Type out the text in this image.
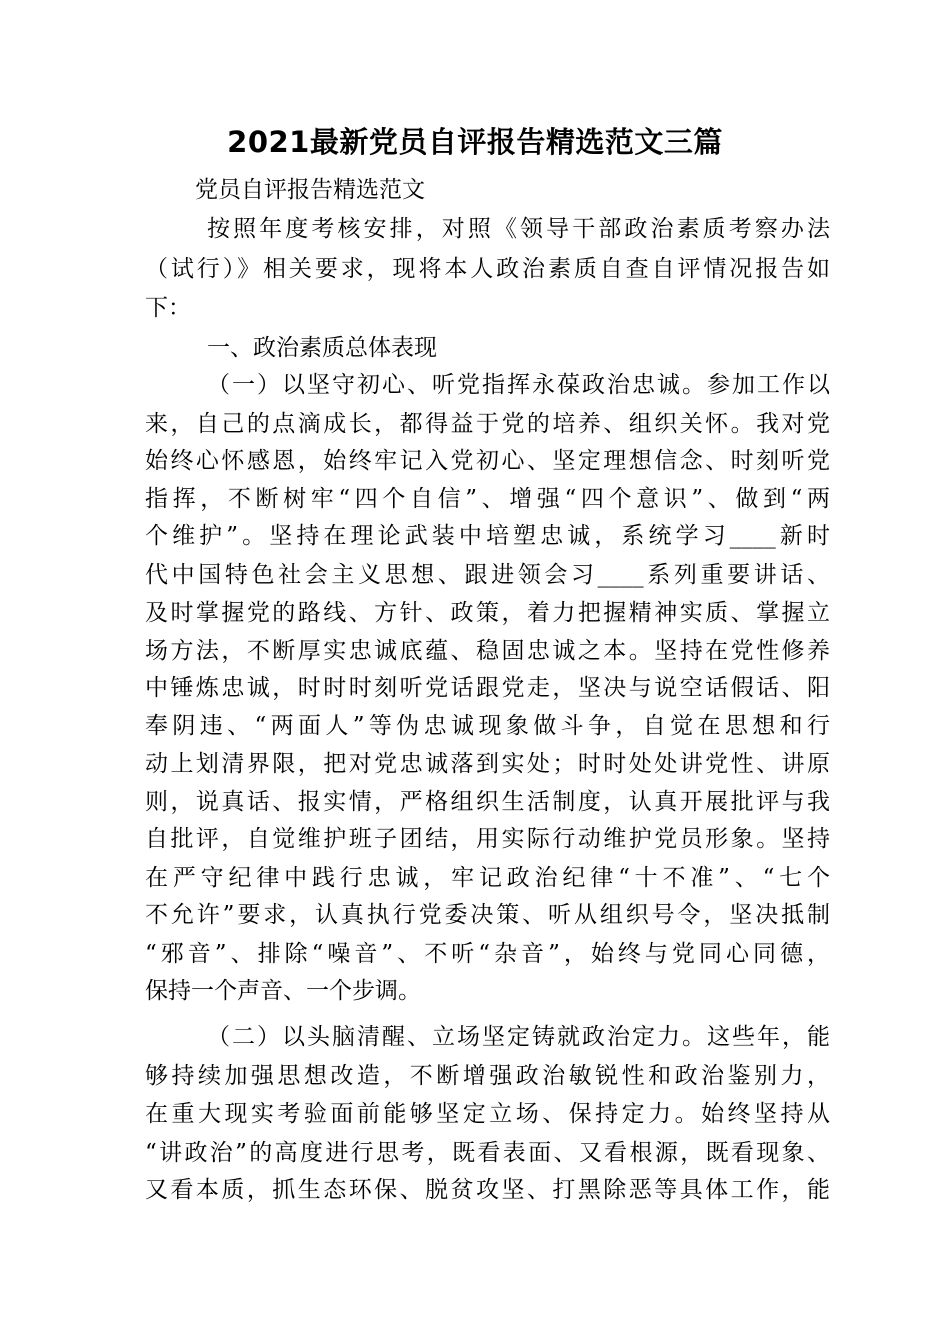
2021最新党员自评报告精选范文三篇
党员自评报告精选范文
按照年度考核安排，对照《领导干部政治素质考察办法
（试行）》相关要求，现将本人政治素质自查自评情况报告如
下：
一、政治素质总体表现
（一）以坚守初心、听党指挥永葆政治忠诚。参加工作以
来，自己的点滴成长，都得益于党的培养、组织关怀。我对党
始终心怀感恩，始终牢记入党初心、坚定理想信念、时刻听党
指挥，不断树牢“四个自信”、增强“四个意识”、做到“两
个维护”。坚持在理论武装中培塑忠诚，系统学习____新时
代中国特色社会主义思想、跟进领会习____系列重要讲话、
及时掌握党的路线、方针、政策，着力把握精神实质、掌握立
场方法，不断厚实忠诚底蕴、稳固忠诚之本。坚持在党性修养
中锤炼忠诚，时时时刻听党话跟党走，坚决与说空话假话、阳
奉阴违、“两面人”等伪忠诚现象做斗争，自觉在思想和行
动上划清界限，把对党忠诚落到实处；时时处处讲党性、讲原
则，说真话、报实情，严格组织生活制度，认真开展批评与我
自批评，自觉维护班子团结，用实际行动维护党员形象。坚持
在严守纪律中践行忠诚，牢记政治纪律“十不准”、“七个
不允许”要求，认真执行党委决策、听从组织号令，坚决抵制
“邪音”、排除“噪音”、不听“杂音”，始终与党同心同德，
保持一个声音、一个步调。
（二）以头脑清醒、立场坚定铸就政治定力。这些年，能
够持续加强思想改造，不断增强政治敏锐性和政治鉴别力，
在重大现实考验面前能够坚定立场、保持定力。始终坚持从
“讲政治”的高度进行思考，既看表面、又看根源，既看现象、
又看本质，抓生态环保、脱贫攻坚、打黑除恶等具体工作，能
